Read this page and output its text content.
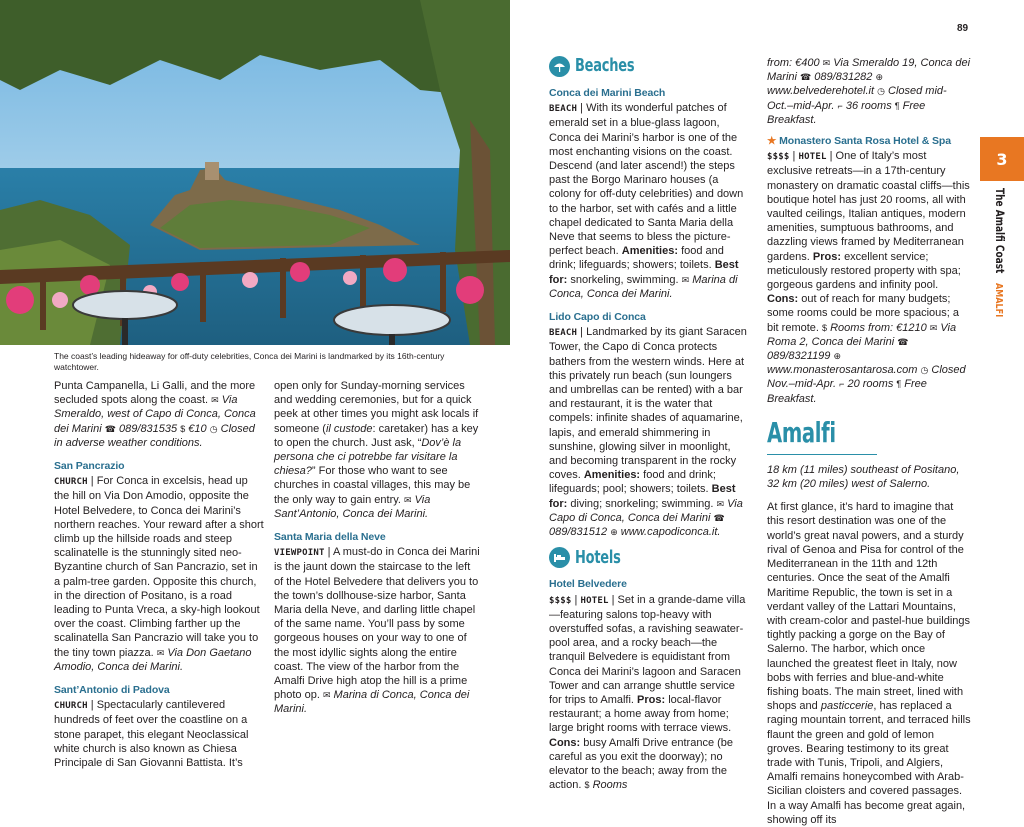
The coast’s leading hideaway for off-duty celebrities, Conca dei Marini is landmarked by its 16th-century watchtower.

89
3
The Amalfi Coast AMALFI

Punta Campanella, Li Galli, and the more secluded spots along the coast. ✉ Via Smeraldo, west of Capo di Conca, Conca dei Marini ☎ 089/831535 $ €10 ◷ Closed in adverse weather conditions.

San Pancrazio

CHURCH | For Conca in excelsis, head up the hill on Via Don Amodio, opposite the Hotel Belvedere, to Conca dei Marini’s northern reaches. Your reward after a short climb up the hillside roads and steep scalinatelle is the stunningly sited neo-Byzantine church of San Pancrazio, set in a palm-tree garden. Opposite this church, in the direction of Positano, is a road leading to Punta Vreca, a sky-high lookout over the coast. Climbing farther up the scalinatella San Pancrazio will take you to the tiny town piazza. ✉ Via Don Gaetano Amodio, Conca dei Marini.

Sant’Antonio di Padova

CHURCH | Spectacularly cantilevered hundreds of feet over the coastline on a stone parapet, this elegant Neoclassical white church is also known as Chiesa Principale di San Giovanni Battista. It’s

open only for Sunday-morning services and wedding ceremonies, but for a quick peek at other times you might ask locals if someone (il custode: caretaker) has a key to open the church. Just ask, “Dov’è la persona che ci potrebbe far visitare la chiesa?” For those who want to see churches in coastal villages, this may be the only way to gain entry. ✉ Via Sant’Antonio, Conca dei Marini.

Santa Maria della Neve

VIEWPOINT | A must-do in Conca dei Marini is the jaunt down the staircase to the left of the Hotel Belvedere that delivers you to the town’s dollhouse-size harbor, Santa Maria della Neve, and darling little chapel of the same name. You’ll pass by some gorgeous houses on your way to one of the most idyllic sights along the entire coast. The view of the harbor from the Amalfi Drive high atop the hill is a prime photo op. ✉ Marina di Conca, Conca dei Marini.

Beaches
Conca dei Marini Beach

BEACH | With its wonderful patches of emerald set in a blue-glass lagoon, Conca dei Marini’s harbor is one of the most enchanting visions on the coast. Descend (and later ascend!) the steps past the Borgo Marinaro houses (a colony for off-duty celebrities) and down to the harbor, set with cafés and a little chapel dedicated to Santa Maria della Neve that seems to bless the picture-perfect beach. Amenities: food and drink; lifeguards; showers; toilets. Best for: snorkeling, swimming. ✉ Marina di Conca, Conca dei Marini.

Lido Capo di Conca

BEACH | Landmarked by its giant Saracen Tower, the Capo di Conca protects bathers from the western winds. Here at this privately run beach (sun loungers and umbrellas can be rented) with a bar and restaurant, it is the water that compels: infinite shades of aquamarine, lapis, and emerald shimmering in sunshine, glowing silver in moonlight, and becoming transparent in the rocky coves. Amenities: food and drink; lifeguards; pool; showers; toilets. Best for: diving; snorkeling; swimming. ✉ Via Capo di Conca, Conca dei Marini ☎ 089/831512 ⊕ www.capodiconca.it.

Hotels
Hotel Belvedere

$$$$ | HOTEL | Set in a grande-dame villa—featuring salons top-heavy with overstuffed sofas, a ravishing seawater-pool area, and a rocky beach—the tranquil Belvedere is equidistant from Conca dei Marini’s lagoon and Saracen Tower and can arrange shuttle service for trips to Amalfi. Pros: local-flavor restaurant; a home away from home; large bright rooms with terrace views. Cons: busy Amalfi Drive entrance (be careful as you exit the doorway); no elevator to the beach; away from the action. $ Rooms

from: €400 ✉ Via Smeraldo 19, Conca dei Marini ☎ 089/831282 ⊕ www.belvederehotel.it ◷ Closed mid-Oct.–mid-Apr. ⌐ 36 rooms ¶ Free Breakfast.

★ Monastero Santa Rosa Hotel & Spa

$$$$ | HOTEL | One of Italy’s most exclusive retreats—in a 17th-century monastery on dramatic coastal cliffs—this boutique hotel has just 20 rooms, all with vaulted ceilings, Italian antiques, modern amenities, sumptuous bathrooms, and dazzling views framed by Mediterranean gardens. Pros: excellent service; meticulously restored property with spa; gorgeous gardens and infinity pool. Cons: out of reach for many budgets; some rooms could be more spacious; a bit remote. $ Rooms from: €1210 ✉ Via Roma 2, Conca dei Marini ☎ 089/8321199 ⊕ www.monasterosantarosa.com ◷ Closed Nov.–mid-Apr. ⌐ 20 rooms ¶ Free Breakfast.

Amalfi

18 km (11 miles) southeast of Positano, 32 km (20 miles) west of Salerno.

At first glance, it’s hard to imagine that this resort destination was one of the world’s great naval powers, and a sturdy rival of Genoa and Pisa for control of the Mediterranean in the 11th and 12th centuries. Once the seat of the Amalfi Maritime Republic, the town is set in a verdant valley of the Lattari Mountains, with cream-color and pastel-hue buildings tightly packing a gorge on the Bay of Salerno. The harbor, which once launched the greatest fleet in Italy, now bobs with ferries and blue-and-white fishing boats. The main street, lined with shops and pasticcerie, has replaced a raging mountain torrent, and terraced hills flaunt the green and gold of lemon groves. Bearing testimony to its great trade with Tunis, Tripoli, and Algiers, Amalfi remains honeycombed with Arab-Sicilian cloisters and covered passages. In a way Amalfi has become great again, showing off its
